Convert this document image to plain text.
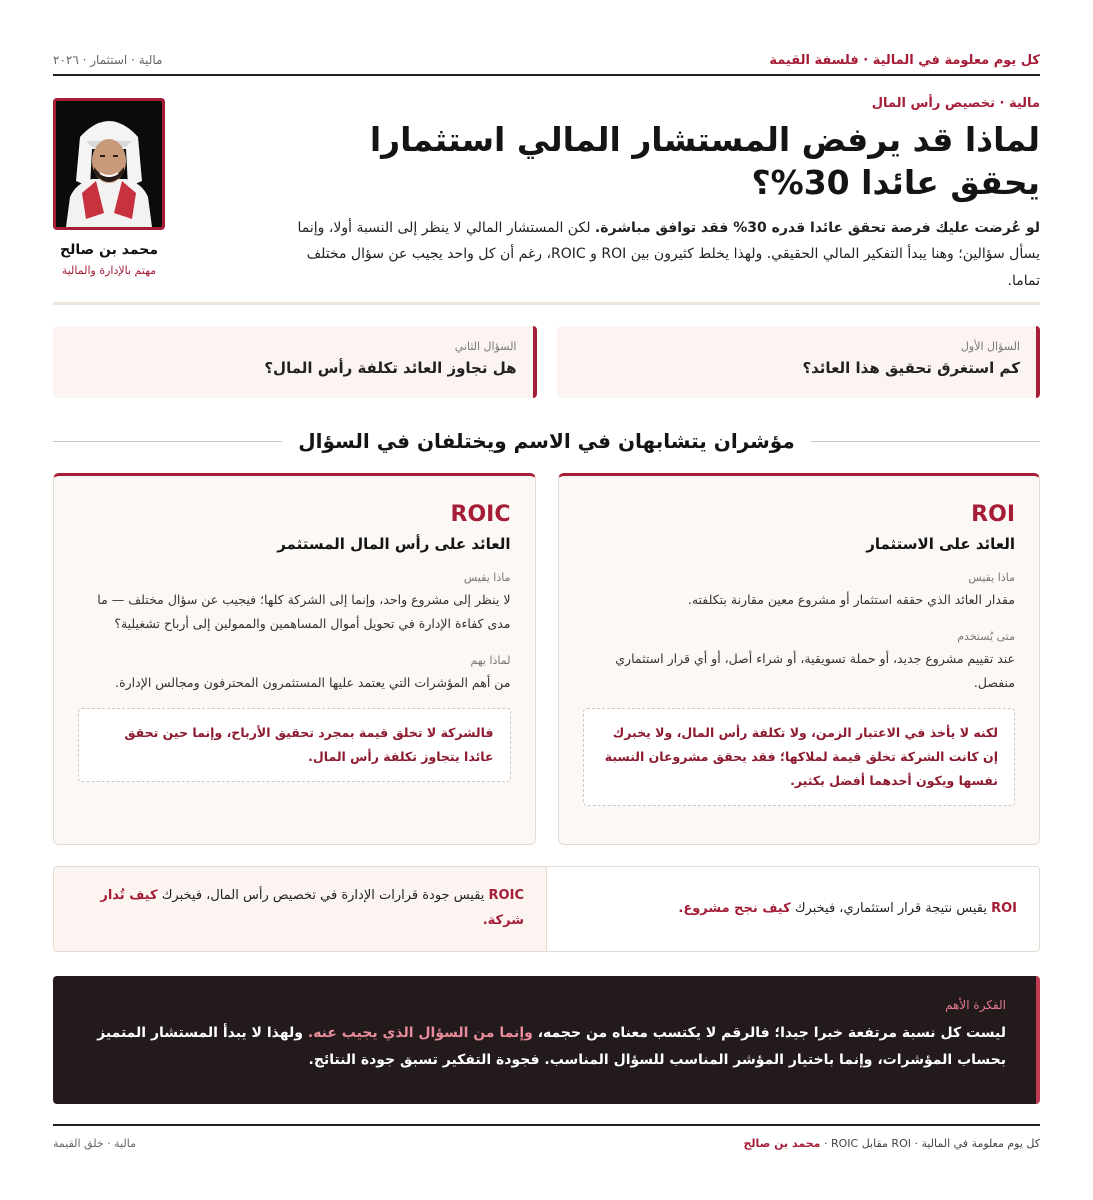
كل يوم معلومة في المالية · فلسفة القيمة
مالية · استثمار · ٢٠٢٦
مالية · تخصيص رأس المال
لماذا قد يرفض المستشار المالي استثمارا يحقق عائدا 30%؟

لو عُرضت عليك فرصة تحقق عائدا قدره 30% فقد توافق مباشرة. لكن المستشار المالي لا ينظر إلى النسبة أولا، وإنما يسأل سؤالين؛ وهنا يبدأ التفكير المالي الحقيقي. ولهذا يخلط كثيرون بين ROI و ROIC، رغم أن كل واحد يجيب عن سؤال مختلف تماما.

محمد بن صالح
مهتم بالإدارة والمالية
السؤال الأول
كم استغرق تحقيق هذا العائد؟
السؤال الثاني
هل تجاوز العائد تكلفة رأس المال؟
مؤشران يتشابهان في الاسم ويختلفان في السؤال
ROI
العائد على الاستثمار
ماذا يقيس
مقدار العائد الذي حققه استثمار أو مشروع معين مقارنة بتكلفته.
متى يُستخدم
عند تقييم مشروع جديد، أو حملة تسويقية، أو شراء أصل، أو أي قرار استثماري منفصل.
لكنه لا يأخذ في الاعتبار الزمن، ولا تكلفة رأس المال، ولا يخبرك إن كانت الشركة تخلق قيمة لملاكها؛ فقد يحقق مشروعان النسبة نفسها ويكون أحدهما أفضل بكثير.
ROIC
العائد على رأس المال المستثمر
ماذا يقيس
لا ينظر إلى مشروع واحد، وإنما إلى الشركة كلها؛ فيجيب عن سؤال مختلف — ما مدى كفاءة الإدارة في تحويل أموال المساهمين والممولين إلى أرباح تشغيلية؟
لماذا يهم
من أهم المؤشرات التي يعتمد عليها المستثمرون المحترفون ومجالس الإدارة.
فالشركة لا تخلق قيمة بمجرد تحقيق الأرباح، وإنما حين تحقق عائدا يتجاوز تكلفة رأس المال.

ROI يقيس نتيجة قرار استثماري، فيخبرك كيف نجح مشروع.

ROIC يقيس جودة قرارات الإدارة في تخصيص رأس المال، فيخبرك كيف تُدار شركة.

الفكرة الأهم

ليست كل نسبة مرتفعة خبرا جيدا؛ فالرقم لا يكتسب معناه من حجمه، وإنما من السؤال الذي يجيب عنه. ولهذا لا يبدأ المستشار المتميز بحساب المؤشرات، وإنما باختيار المؤشر المناسب للسؤال المناسب. فجودة التفكير تسبق جودة النتائج.

كل يوم معلومة في المالية · ROI مقابل ROIC · محمد بن صالح
مالية · خلق القيمة
